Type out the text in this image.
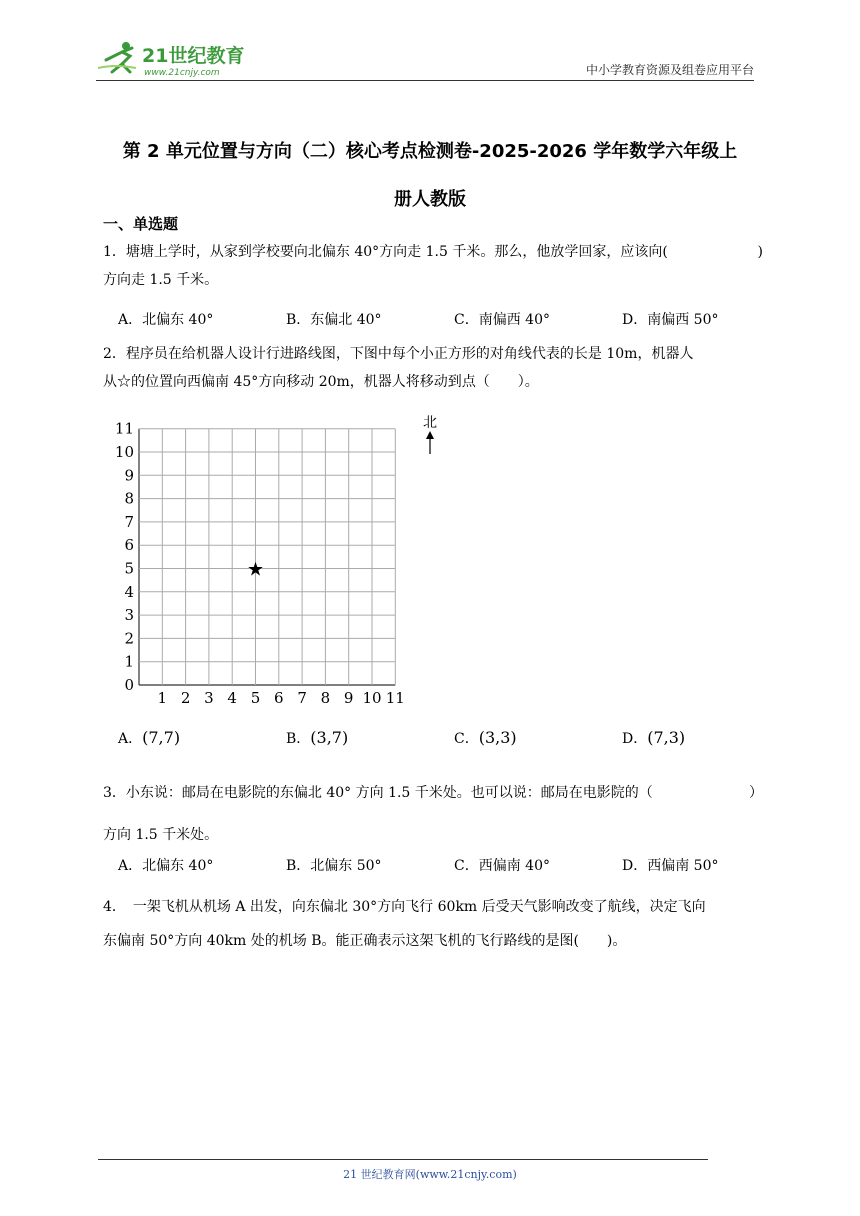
21世纪教育
www.21cnjy.com	中小学教育资源及组卷应用平台
第 2 单元位置与方向（二）核心考点检测卷-2025-2026 学年数学六年级上
册人教版
一、单选题
1．塘塘上学时，从家到学校要向北偏东 40°方向走 1.5 千米。那么，他放学回家，应该向(	)
方向走 1.5 千米。
A．北偏东 40°	B．东偏北 40°	C．南偏西 40°	D．南偏西 50°
2．程序员在给机器人设计行进路线图，下图中每个小正方形的对角线代表的长是 10m，机器人
从☆的位置向西偏南 45°方向移动 20m，机器人将移动到点（　　）。
1 2 3 4 5 6 7 8 9 10 11
0
1
2
3
4
5
6
7
8
9
10
11
★
北
A．(7,7)	B．(3,7)	C．(3,3)	D．(7,3)
3．小东说：邮局在电影院的东偏北 40° 方向 1.5 千米处。也可以说：邮局在电影院的（	）
方向 1.5 千米处。
A．北偏东 40°	B．北偏东 50°	C．西偏南 40°	D．西偏南 50°
4．　一架飞机从机场 A 出发，向东偏北 30°方向飞行 60km 后受天气影响改变了航线，决定飞向
东偏南 50°方向 40km 处的机场 B。能正确表示这架飞机的飞行路线的是图(　　)。
21 世纪教育网(www.21cnjy.com)
